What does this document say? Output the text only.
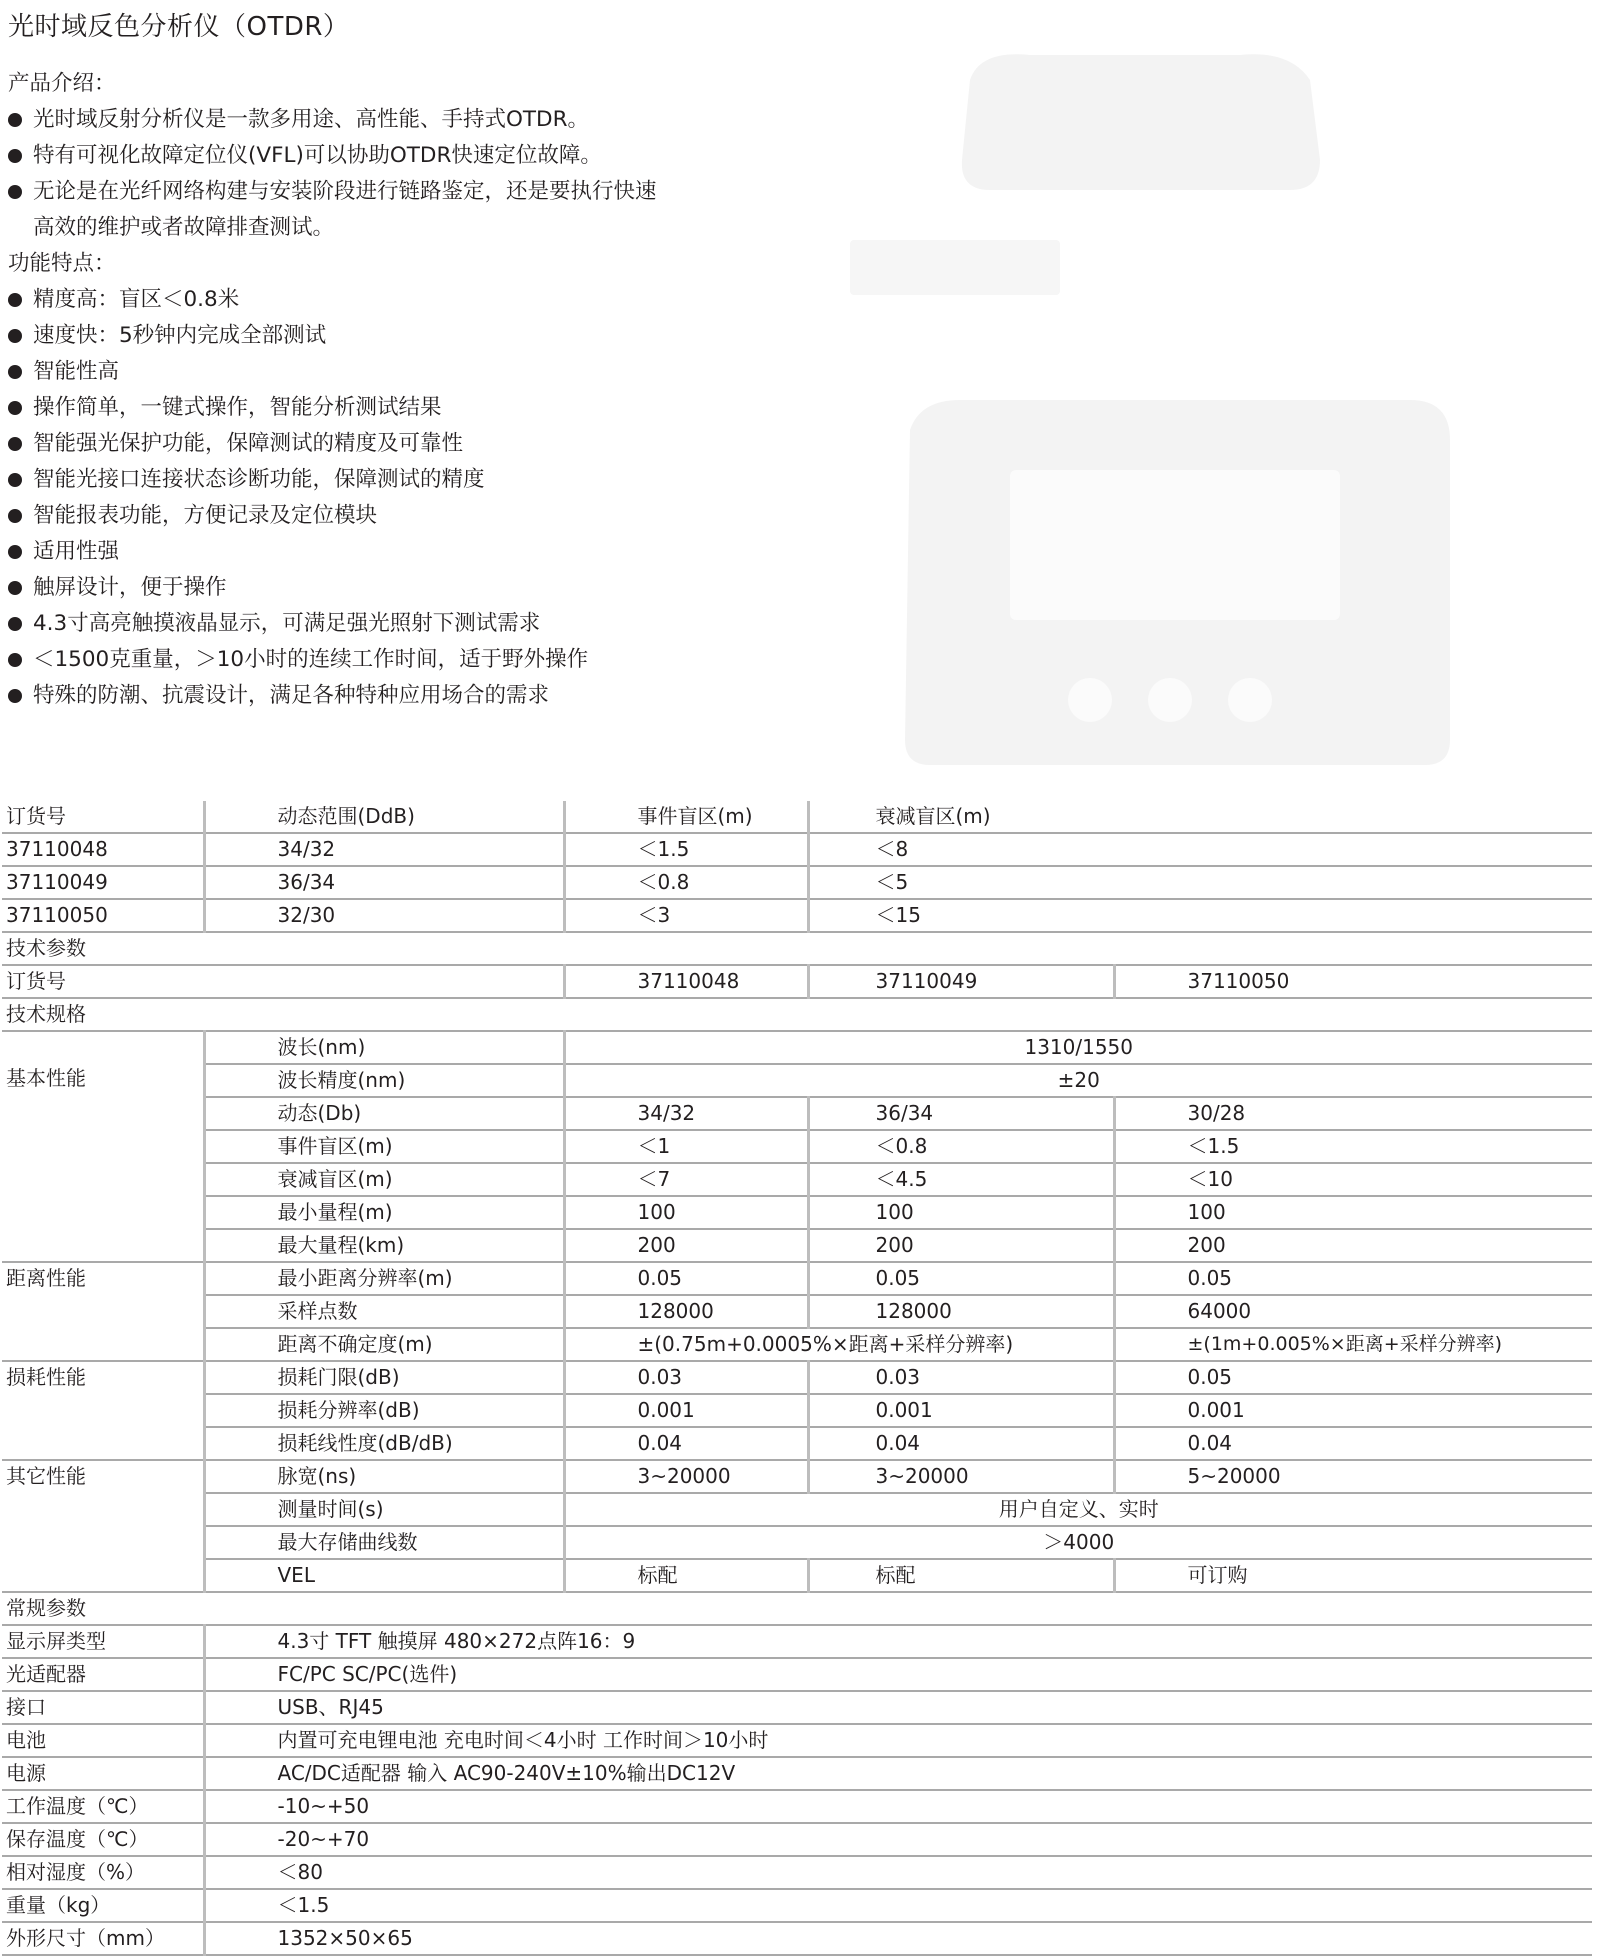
光时域反色分析仪（OTDR）
产品介绍：
光时域反射分析仪是一款多用途、高性能、手持式OTDR。
特有可视化故障定位仪(VFL)可以协助OTDR快速定位故障。
无论是在光纤网络构建与安装阶段进行链路鉴定，还是要执行快速
高效的维护或者故障排查测试。
功能特点：
精度高：盲区＜0.8米
速度快：5秒钟内完成全部测试
智能性高
操作简单，一键式操作，智能分析测试结果
智能强光保护功能，保障测试的精度及可靠性
智能光接口连接状态诊断功能，保障测试的精度
智能报表功能，方便记录及定位模块
适用性强
触屏设计，便于操作
4.3寸高亮触摸液晶显示，可满足强光照射下测试需求
＜1500克重量，＞10小时的连续工作时间，适于野外操作
特殊的防潮、抗震设计，满足各种特种应用场合的需求
订货号	动态范围(DdB)	事件盲区(m)	衰减盲区(m)	
37110048	34/32	＜1.5	＜8	
37110049	36/34	＜0.8	＜5	
37110050	32/30	＜3	＜15	
技术参数				
订货号		37110048	37110049	37110050
技术规格				
基本性能	波长(nm)	1310/1550		
	波长精度(nm)	±20		
	动态(Db)	34/32	36/34	30/28
	事件盲区(m)	＜1	＜0.8	＜1.5
	衰减盲区(m)	＜7	＜4.5	＜10
	最小量程(m)	100	100	100
	最大量程(km)	200	200	200
距离性能	最小距离分辨率(m)	0.05	0.05	0.05
	采样点数	128000	128000	64000
	距离不确定度(m)	±(0.75m+0.0005%×距离+采样分辨率)		±(1m+0.005%×距离+采样分辨率)
损耗性能	损耗门限(dB)	0.03	0.03	0.05
	损耗分辨率(dB)	0.001	0.001	0.001
	损耗线性度(dB/dB)	0.04	0.04	0.04
其它性能	脉宽(ns)	3~20000	3~20000	5~20000
	测量时间(s)	用户自定义、实时		
	最大存储曲线数	＞4000		
	VEL	标配	标配	可订购
常规参数				
显示屏类型	4.3寸 TFT 触摸屏 480×272点阵16：9			
光适配器	FC/PC SC/PC(选件)			
接口	USB、RJ45			
电池	内置可充电锂电池 充电时间＜4小时 工作时间＞10小时			
电源	AC/DC适配器 输入 AC90-240V±10%输出DC12V			
工作温度（℃）	-10~+50			
保存温度（℃）	-20~+70			
相对湿度（%）	＜80			
重量（kg）	＜1.5			
外形尺寸（mm）	1352×50×65			
